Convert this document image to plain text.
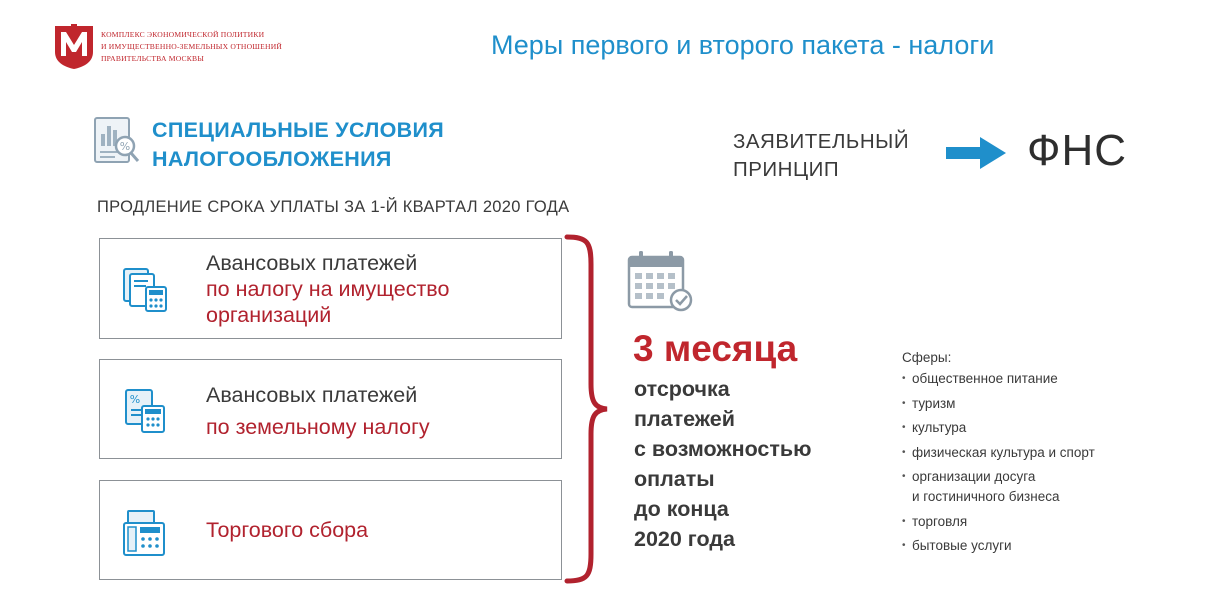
КОМПЛЕКС ЭКОНОМИЧЕСКОЙ ПОЛИТИКИ
И ИМУЩЕСТВЕННО-ЗЕМЕЛЬНЫХ ОТНОШЕНИЙ
ПРАВИТЕЛЬСТВА МОСКВЫ	Меры первого и второго пакета - налоги
%
СПЕЦИАЛЬНЫЕ УСЛОВИЯ
НАЛОГООБЛОЖЕНИЯ
ЗАЯВИТЕЛЬНЫЙ
ПРИНЦИП	ФНС
ПРОДЛЕНИЕ СРОКА УПЛАТЫ ЗА 1-Й КВАРТАЛ 2020 ГОДА
Авансовых платежей
по налогу на имущество
организаций
%	Авансовых платежей
по земельному налогу
Торгового сбора
3 месяца
отсрочка
платежей
с возможностью
оплаты
до конца
2020 года
Сферы:
• общественное питание
• туризм
• культура
• физическая культура и спорт
• организации досуга
и гостиничного бизнеса
• торговля
• бытовые услуги
